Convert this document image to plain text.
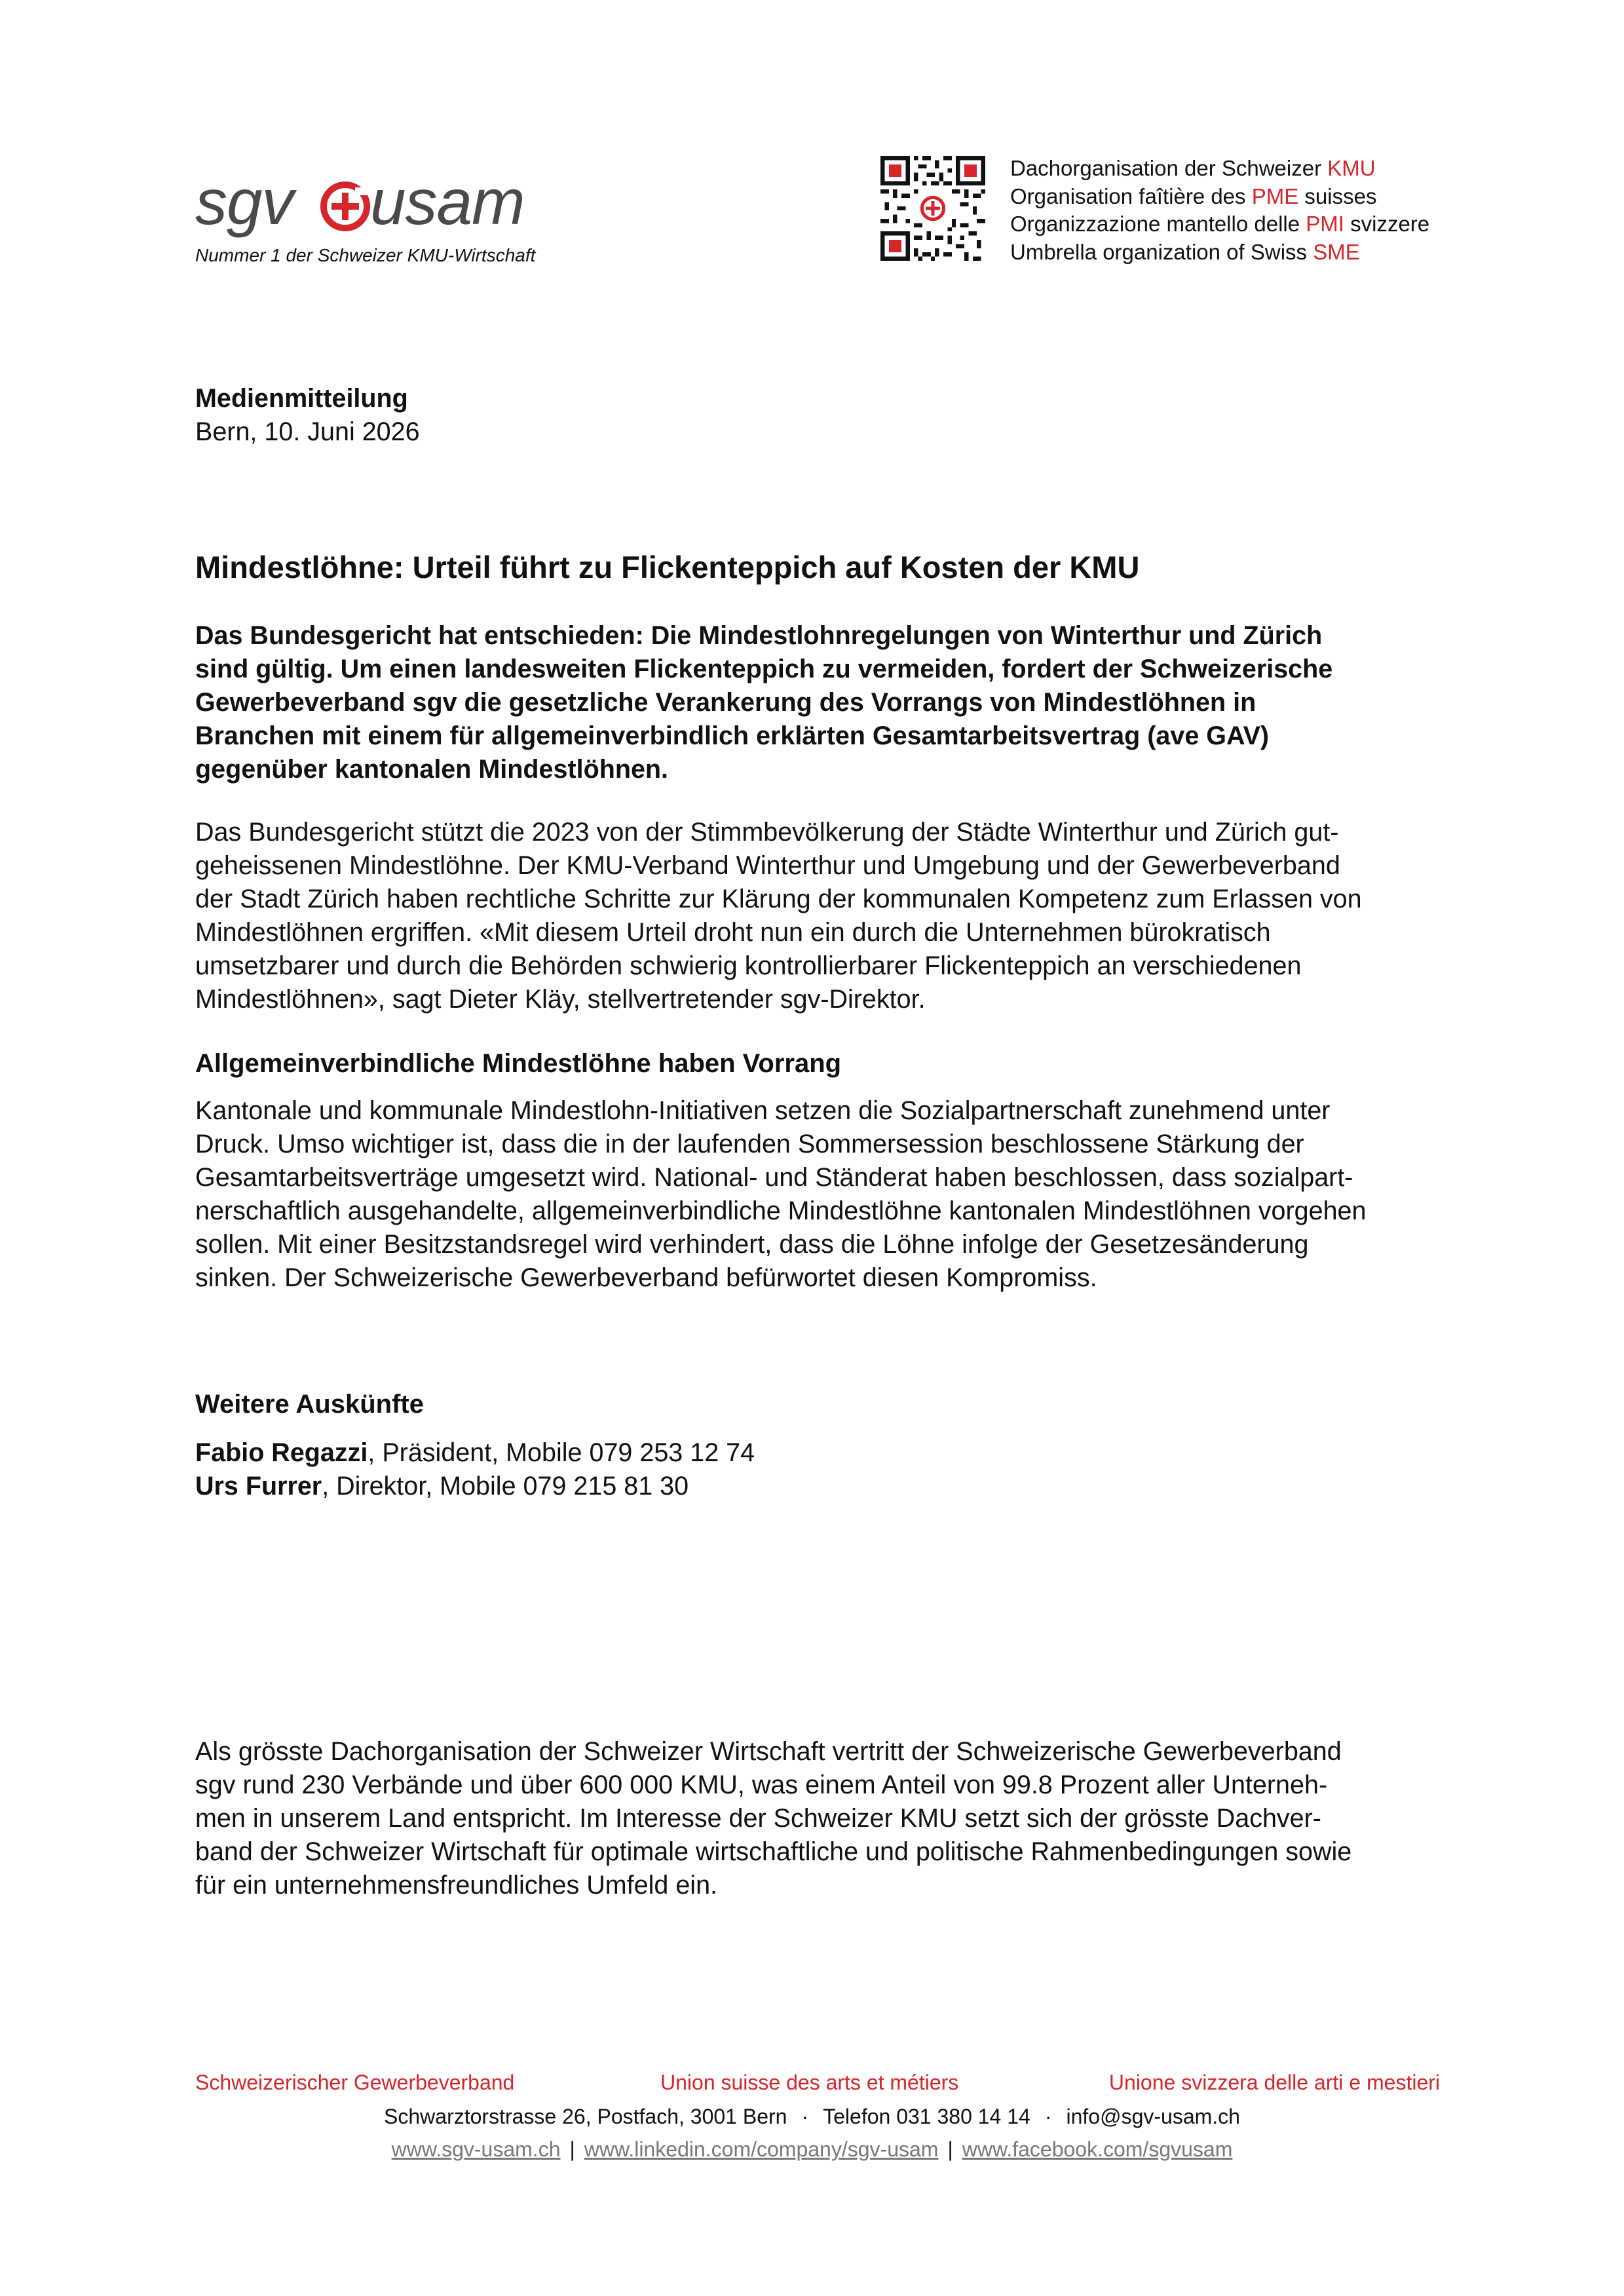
sgv usam
Nummer 1 der Schweizer KMU-Wirtschaft
Dachorganisation der Schweizer KMU
Organisation faîtière des PME suisses
Organizzazione mantello delle PMI svizzere
Umbrella organization of Swiss SME
Medienmitteilung
Bern, 10. Juni 2026
Mindestlöhne: Urteil führt zu Flickenteppich auf Kosten der KMU
Das Bundesgericht hat entschieden: Die Mindestlohnregelungen von Winterthur und Zürich
sind gültig. Um einen landesweiten Flickenteppich zu vermeiden, fordert der Schweizerische
Gewerbeverband sgv die gesetzliche Verankerung des Vorrangs von Mindestlöhnen in
Branchen mit einem für allgemeinverbindlich erklärten Gesamtarbeitsvertrag (ave GAV)
gegenüber kantonalen Mindestlöhnen.
Das Bundesgericht stützt die 2023 von der Stimmbevölkerung der Städte Winterthur und Zürich gut-
geheissenen Mindestlöhne. Der KMU-Verband Winterthur und Umgebung und der Gewerbeverband
der Stadt Zürich haben rechtliche Schritte zur Klärung der kommunalen Kompetenz zum Erlassen von
Mindestlöhnen ergriffen. «Mit diesem Urteil droht nun ein durch die Unternehmen bürokratisch
umsetzbarer und durch die Behörden schwierig kontrollierbarer Flickenteppich an verschiedenen
Mindestlöhnen», sagt Dieter Kläy, stellvertretender sgv-Direktor.
Allgemeinverbindliche Mindestlöhne haben Vorrang
Kantonale und kommunale Mindestlohn-Initiativen setzen die Sozialpartnerschaft zunehmend unter
Druck. Umso wichtiger ist, dass die in der laufenden Sommersession beschlossene Stärkung der
Gesamtarbeitsverträge umgesetzt wird. National- und Ständerat haben beschlossen, dass sozialpart-
nerschaftlich ausgehandelte, allgemeinverbindliche Mindestlöhne kantonalen Mindestlöhnen vorgehen
sollen. Mit einer Besitzstandsregel wird verhindert, dass die Löhne infolge der Gesetzesänderung
sinken. Der Schweizerische Gewerbeverband befürwortet diesen Kompromiss.
Weitere Auskünfte
Fabio Regazzi, Präsident, Mobile 079 253 12 74
Urs Furrer, Direktor, Mobile 079 215 81 30
Als grösste Dachorganisation der Schweizer Wirtschaft vertritt der Schweizerische Gewerbeverband
sgv rund 230 Verbände und über 600 000 KMU, was einem Anteil von 99.8 Prozent aller Unterneh-
men in unserem Land entspricht. Im Interesse der Schweizer KMU setzt sich der grösste Dachver-
band der Schweizer Wirtschaft für optimale wirtschaftliche und politische Rahmenbedingungen sowie
für ein unternehmensfreundliches Umfeld ein.
Schweizerischer Gewerbeverband	Union suisse des arts et métiers	Unione svizzera delle arti e mestieri
Schwarztorstrasse 26, Postfach, 3001 Bern · Telefon 031 380 14 14 · info@sgv-usam.ch
www.sgv-usam.ch | www.linkedin.com/company/sgv-usam | www.facebook.com/sgvusam
